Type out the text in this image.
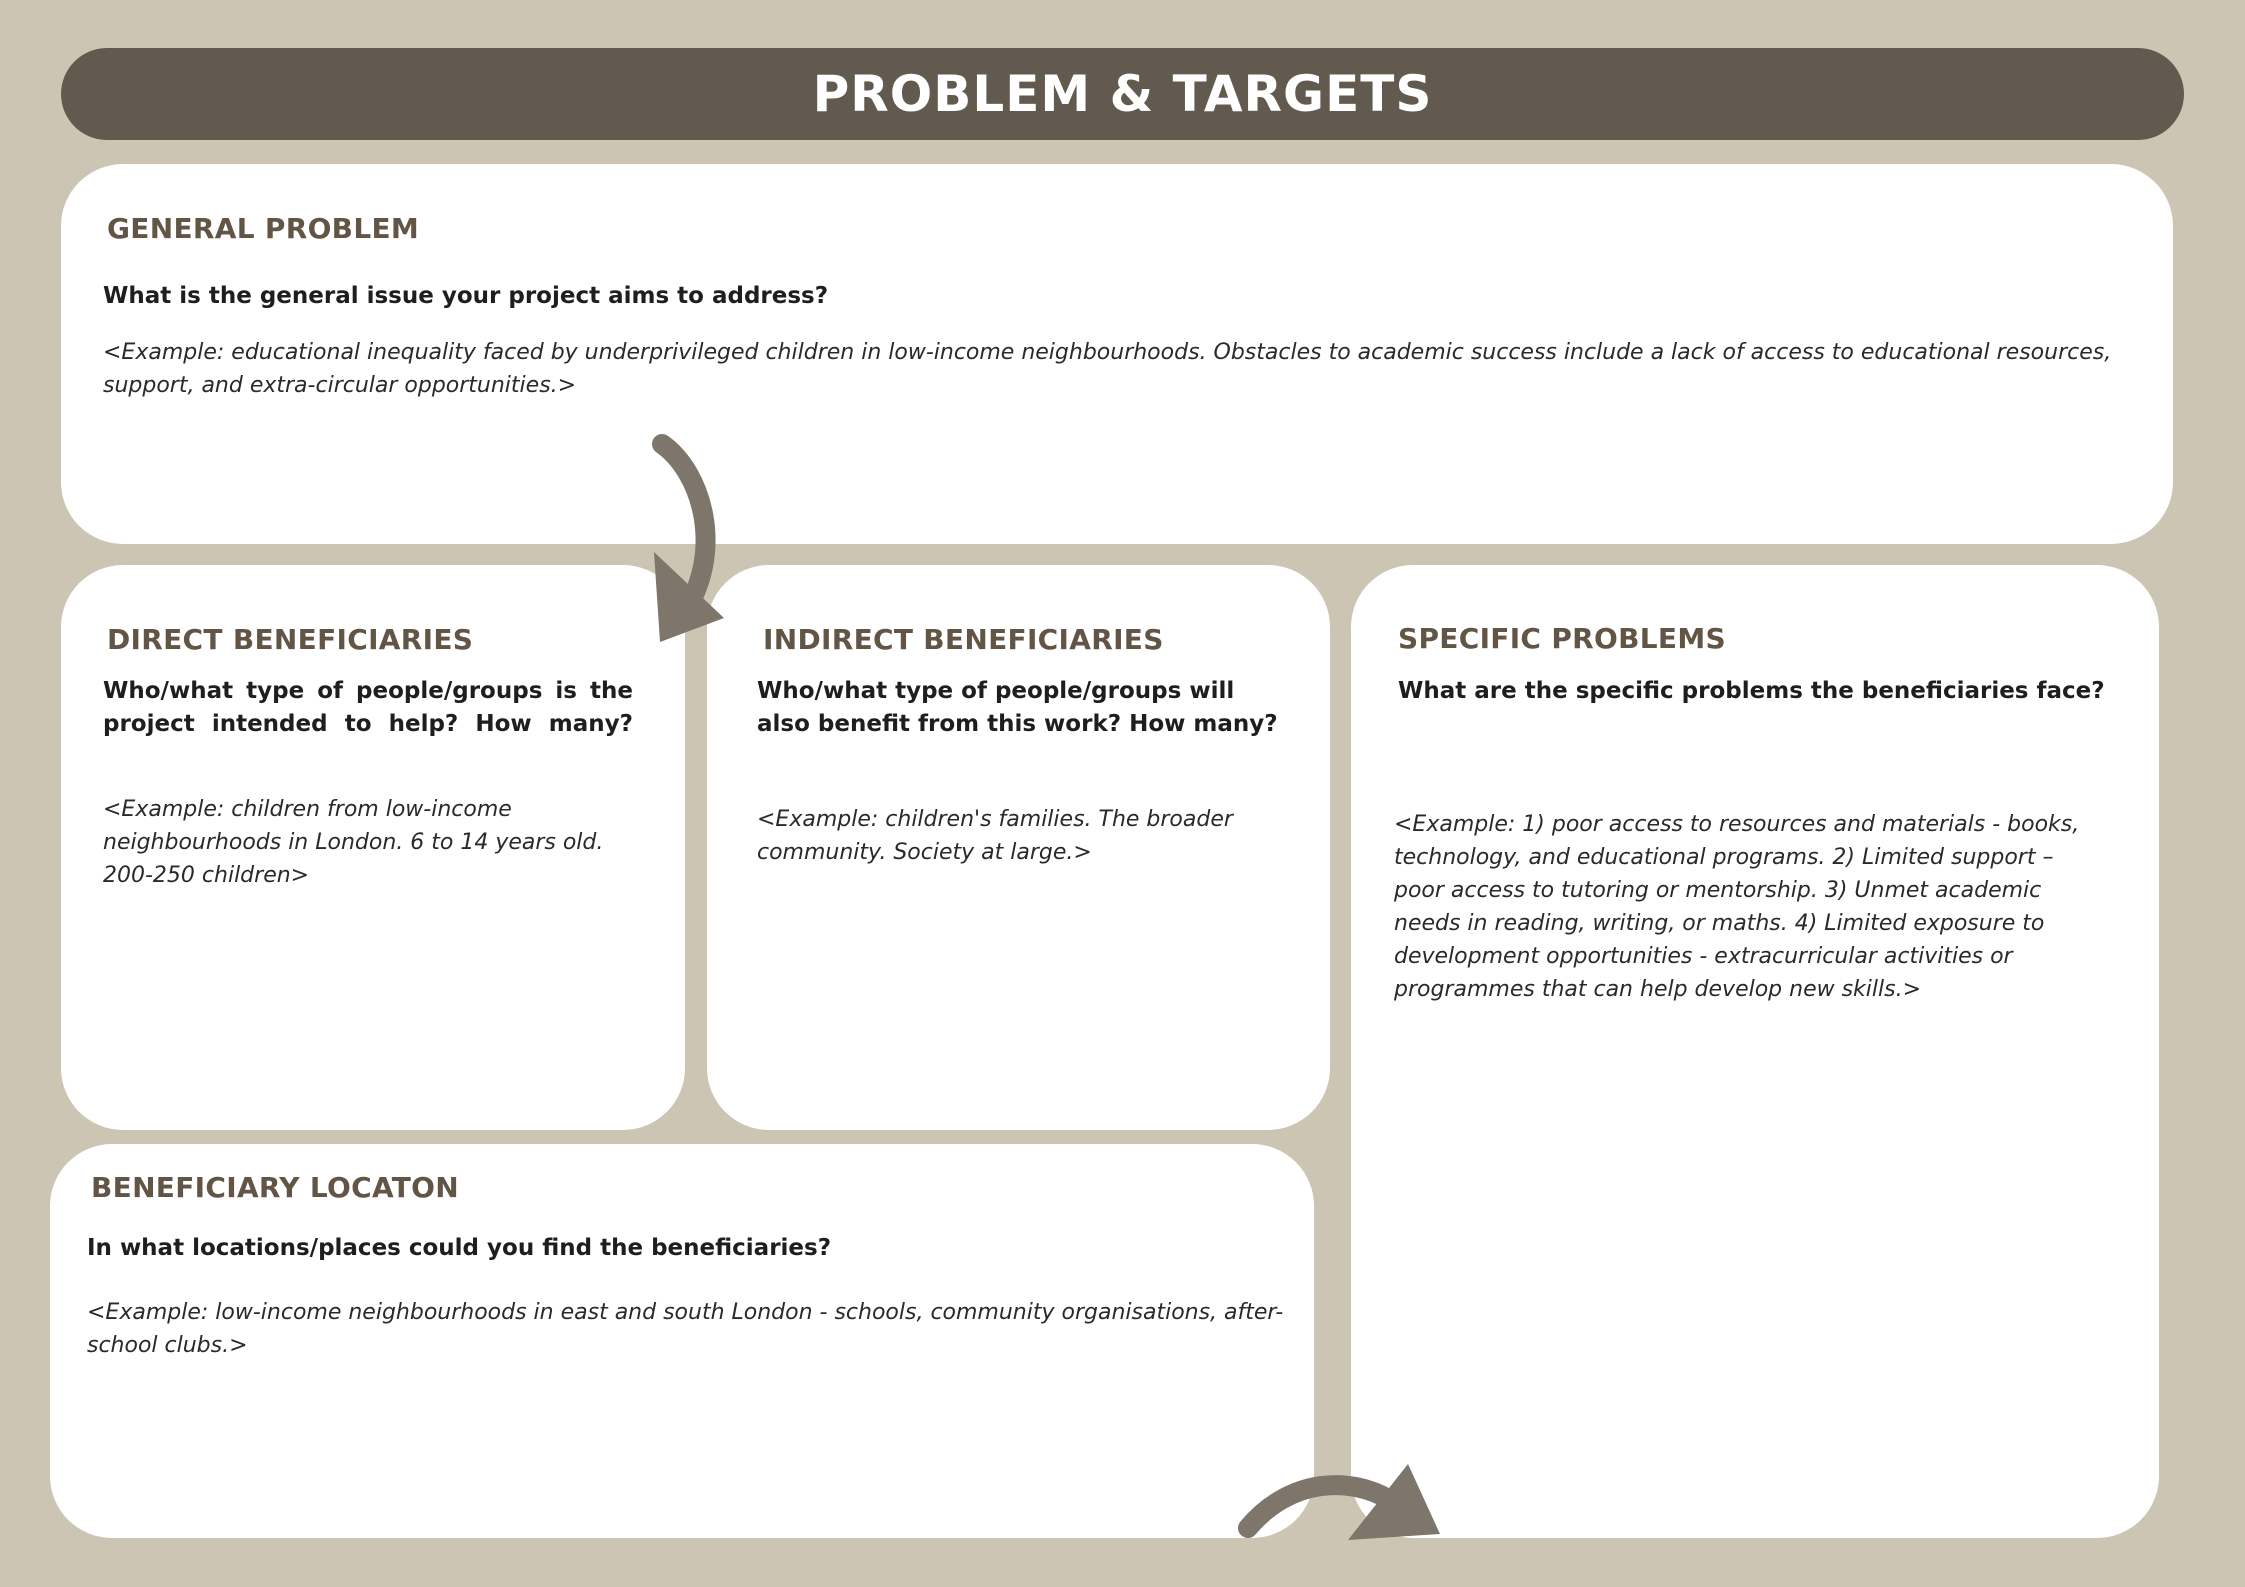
PROBLEM & TARGETS
GENERAL PROBLEM

What is the general issue your project aims to address?

<Example: educational inequality faced by underprivileged children in low-income neighbourhoods. Obstacles to academic success include a lack of access to educational resources, support, and extra-circular opportunities.>

DIRECT BENEFICIARIES

Who/what type of people/groups is the project intended to help? How many?

<Example: children from low-income neighbourhoods in London. 6 to 14 years old. 200-250 children>

INDIRECT BENEFICIARIES

Who/what type of people/groups will also benefit from this work? How many?

<Example: children's families. The broader community. Society at large.>

SPECIFIC PROBLEMS

What are the specific problems the beneficiaries face?

<Example: 1) poor access to resources and materials - books, technology, and educational programs. 2) Limited support – poor access to tutoring or mentorship. 3) Unmet academic needs in reading, writing, or maths. 4) Limited exposure to development opportunities - extracurricular activities or programmes that can help develop new skills.>

BENEFICIARY LOCATON

In what locations/places could you find the beneficiaries?

<Example: low-income neighbourhoods in east and south London - schools, community organisations, after-school clubs.>
